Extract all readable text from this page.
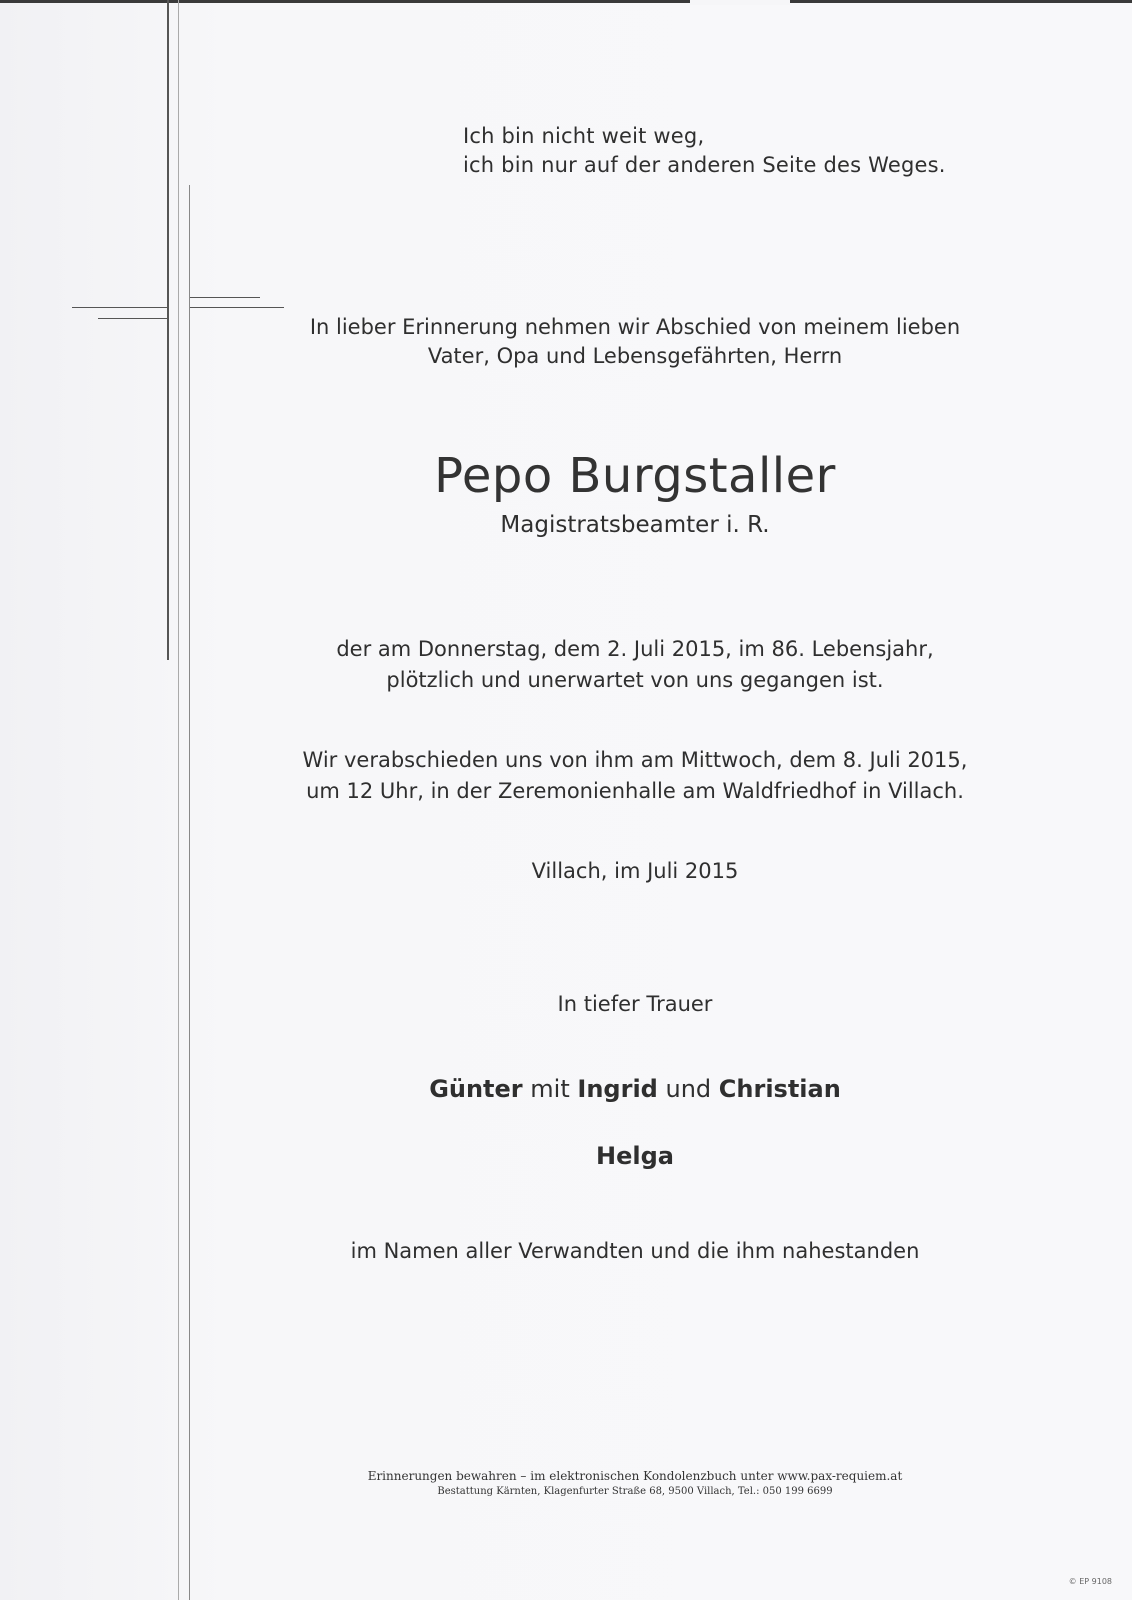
Ich bin nicht weit weg,
ich bin nur auf der anderen Seite des Weges.
In lieber Erinnerung nehmen wir Abschied von meinem lieben
Vater, Opa und Lebensgefährten, Herrn
Pepo Burgstaller
Magistratsbeamter i. R.
der am Donnerstag, dem 2. Juli 2015, im 86. Lebensjahr,
plötzlich und unerwartet von uns gegangen ist.
Wir verabschieden uns von ihm am Mittwoch, dem 8. Juli 2015,
um 12 Uhr, in der Zeremonienhalle am Waldfriedhof in Villach.
Villach, im Juli 2015
In tiefer Trauer
Günter mit Ingrid und Christian
Helga
im Namen aller Verwandten und die ihm nahestanden
Erinnerungen bewahren – im elektronischen Kondolenzbuch unter www.pax-requiem.at
Bestattung Kärnten, Klagenfurter Straße 68, 9500 Villach, Tel.: 050 199 6699
© EP 9108
